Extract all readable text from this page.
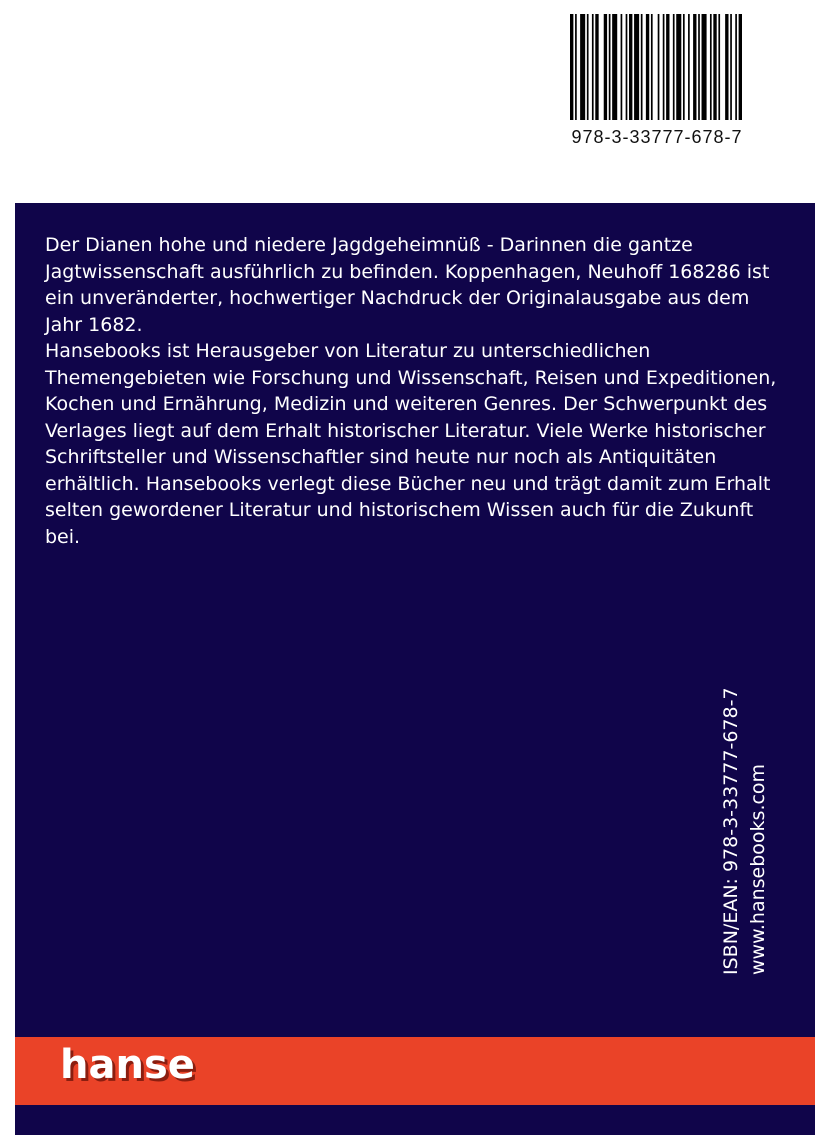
978-3-33777-678-7

Der Dianen hohe und niedere Jagdgeheimnüß - Darinnen die gantze Jagtwissenschaft ausführlich zu befinden. Koppenhagen, Neuhoff 168286 ist ein unveränderter, hochwertiger Nachdruck der Originalausgabe aus dem Jahr 1682.

Hansebooks ist Herausgeber von Literatur zu unterschiedlichen Themengebieten wie Forschung und Wissenschaft, Reisen und Expeditionen, Kochen und Ernährung, Medizin und weiteren Genres. Der Schwerpunkt des Verlages liegt auf dem Erhalt historischer Literatur. Viele Werke historischer Schriftsteller und Wissenschaftler sind heute nur noch als Antiquitäten erhältlich. Hansebooks verlegt diese Bücher neu und trägt damit zum Erhalt selten gewordener Literatur und historischem Wissen auch für die Zukunft bei.

ISBN/EAN: 978-3-33777-678-7 www.hansebooks.com
hanse
